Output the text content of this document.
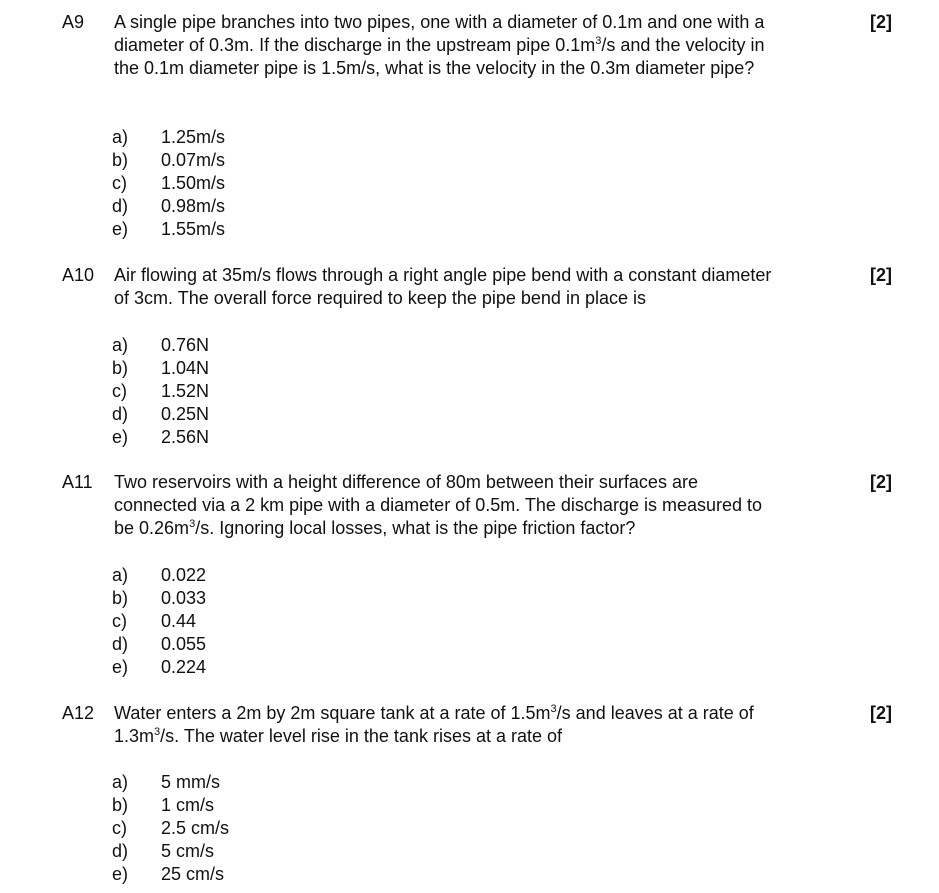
A9 A single pipe branches into two pipes, one with a diameter of 0.1m and one with a
diameter of 0.3m. If the discharge in the upstream pipe $0.1m^3/s$ and the velocity in
the 0.1m diameter pipe is 1.5m/s, what is the velocity in the 0.3m diameter pipe?
[2]
a) 1.25m/s
b) 0.07m/s
c) 1.50m/s
d) 0.98m/s
e) 1.55m/s
A10 Air flowing at 35m/s flows through a right angle pipe bend with a constant diameter
of 3cm. The overall force required to keep the pipe bend in place is
[2]
a) 0.76N
b) 1.04N
c) 1.52N
d) 0.25N
e) 2.56N
A11 Two reservoirs with a height difference of 80m between their surfaces are
connected via a 2 km pipe with a diameter of 0.5m. The discharge is measured to
be $0.26m^3/s$. Ignoring local losses, what is the pipe friction factor?
[2]
a) 0.022
b) 0.033
c) 0.44
d) 0.055
e) 0.224
A12 Water enters a 2m by 2m square tank at a rate of $1.5m^3/s$ and leaves at a rate of
$1.3m^3/s$. The water level rise in the tank rises at a rate of
[2]
a) 5 mm/s
b) 1 cm/s
c) 2.5 cm/s
d) 5 cm/s
e) 25 cm/s
